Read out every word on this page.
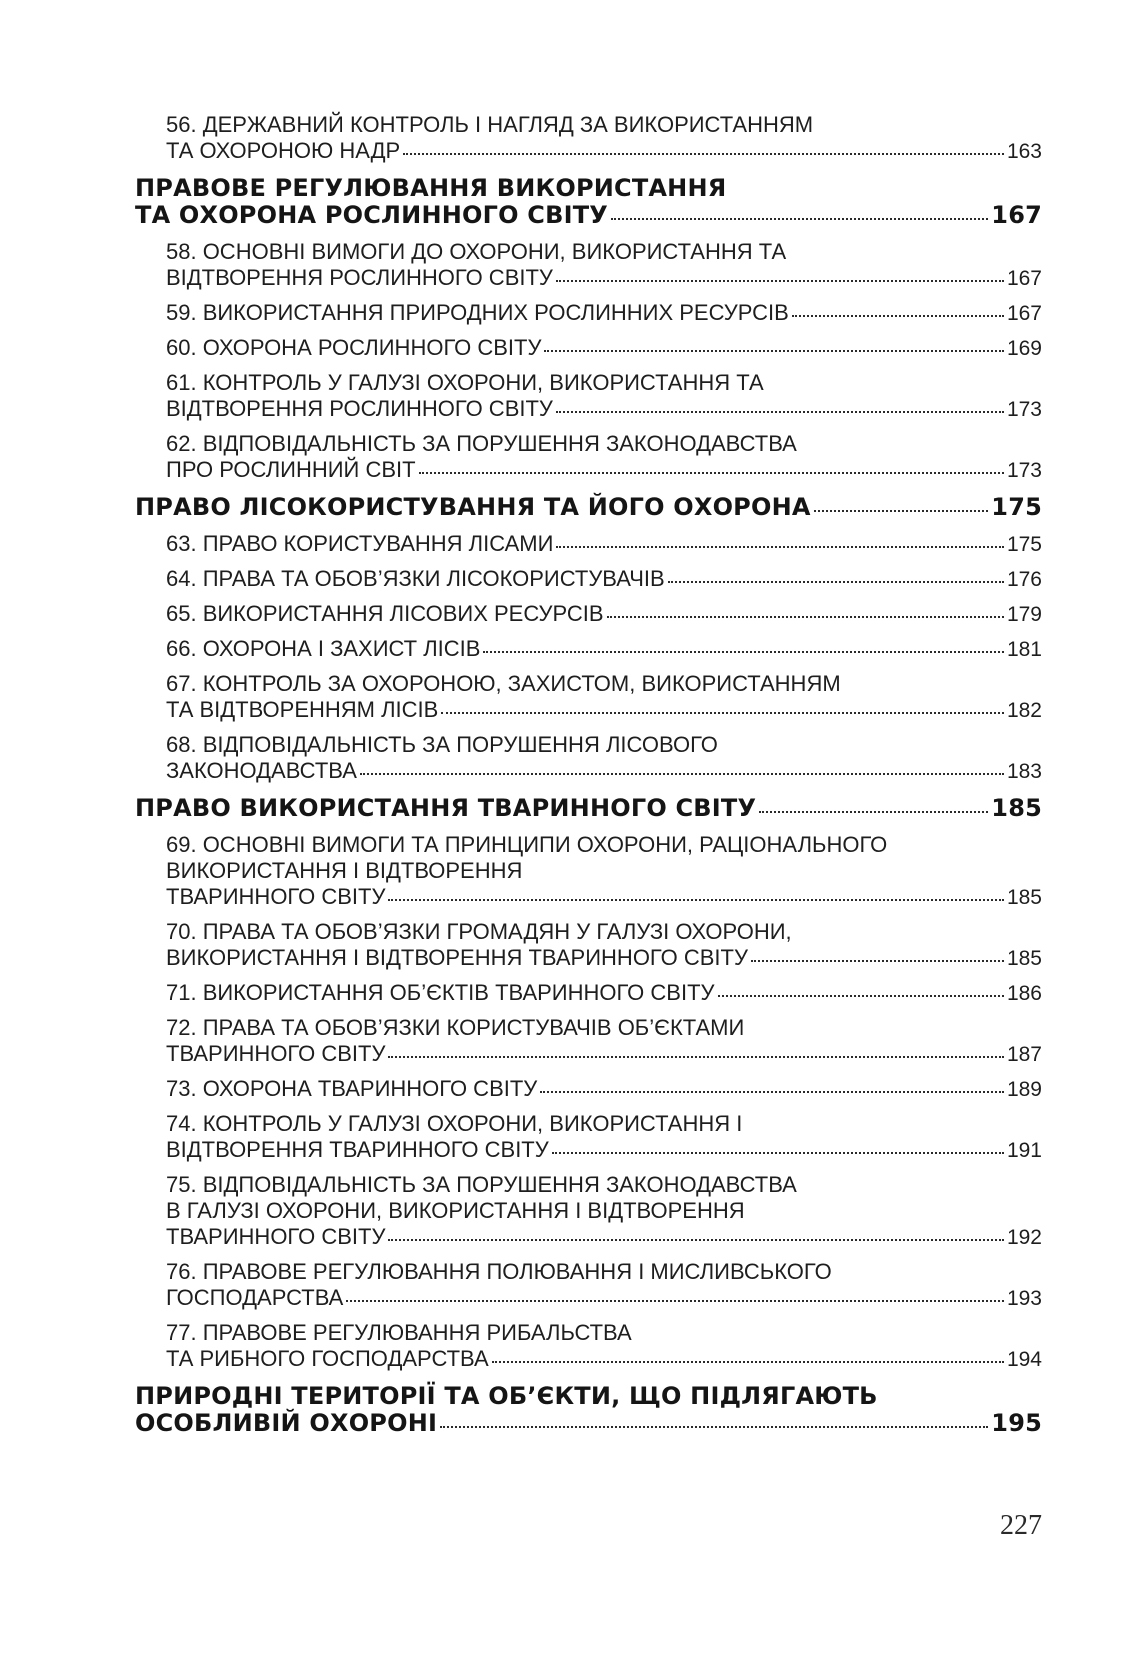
56. ДЕРЖАВНИЙ КОНТРОЛЬ І НАГЛЯД ЗА ВИКОРИСТАННЯМ
ТА ОХОРОНОЮ НАДР	163
ПРАВОВЕ РЕГУЛЮВАННЯ ВИКОРИСТАННЯ
ТА ОХОРОНА РОСЛИННОГО СВІТУ	167
58. ОСНОВНІ ВИМОГИ ДО ОХОРОНИ, ВИКОРИСТАННЯ ТА
ВІДТВОРЕННЯ РОСЛИННОГО СВІТУ	167
59. ВИКОРИСТАННЯ ПРИРОДНИХ РОСЛИННИХ РЕСУРСІВ	167
60. ОХОРОНА РОСЛИННОГО СВІТУ	169
61. КОНТРОЛЬ У ГАЛУЗІ ОХОРОНИ, ВИКОРИСТАННЯ ТА
ВІДТВОРЕННЯ РОСЛИННОГО СВІТУ	173
62. ВІДПОВІДАЛЬНІСТЬ ЗА ПОРУШЕННЯ ЗАКОНОДАВСТВА
ПРО РОСЛИННИЙ СВІТ	173
ПРАВО ЛІСОКОРИСТУВАННЯ ТА ЙОГО ОХОРОНА	175
63. ПРАВО КОРИСТУВАННЯ ЛІСАМИ	175
64. ПРАВА ТА ОБОВ’ЯЗКИ ЛІСОКОРИСТУВАЧІВ	176
65. ВИКОРИСТАННЯ ЛІСОВИХ РЕСУРСІВ	179
66. ОХОРОНА І ЗАХИСТ ЛІСІВ	181
67. КОНТРОЛЬ ЗА ОХОРОНОЮ, ЗАХИСТОМ, ВИКОРИСТАННЯМ
ТА ВІДТВОРЕННЯМ ЛІСІВ	182
68. ВІДПОВІДАЛЬНІСТЬ ЗА ПОРУШЕННЯ ЛІСОВОГО
ЗАКОНОДАВСТВА	183
ПРАВО ВИКОРИСТАННЯ ТВАРИННОГО СВІТУ	185
69. ОСНОВНІ ВИМОГИ ТА ПРИНЦИПИ ОХОРОНИ, РАЦІОНАЛЬНОГО
ВИКОРИСТАННЯ І ВІДТВОРЕННЯ
ТВАРИННОГО СВІТУ	185
70. ПРАВА ТА ОБОВ’ЯЗКИ ГРОМАДЯН У ГАЛУЗІ ОХОРОНИ,
ВИКОРИСТАННЯ І ВІДТВОРЕННЯ ТВАРИННОГО СВІТУ	185
71. ВИКОРИСТАННЯ ОБ’ЄКТІВ ТВАРИННОГО СВІТУ	186
72. ПРАВА ТА ОБОВ’ЯЗКИ КОРИСТУВАЧІВ ОБ’ЄКТАМИ
ТВАРИННОГО СВІТУ	187
73. ОХОРОНА ТВАРИННОГО СВІТУ	189
74. КОНТРОЛЬ У ГАЛУЗІ ОХОРОНИ, ВИКОРИСТАННЯ І
ВІДТВОРЕННЯ ТВАРИННОГО СВІТУ	191
75. ВІДПОВІДАЛЬНІСТЬ ЗА ПОРУШЕННЯ ЗАКОНОДАВСТВА
В ГАЛУЗІ ОХОРОНИ, ВИКОРИСТАННЯ І ВІДТВОРЕННЯ
ТВАРИННОГО СВІТУ	192
76. ПРАВОВЕ РЕГУЛЮВАННЯ ПОЛЮВАННЯ І МИСЛИВСЬКОГО
ГОСПОДАРСТВА	193
77. ПРАВОВЕ РЕГУЛЮВАННЯ РИБАЛЬСТВА
ТА РИБНОГО ГОСПОДАРСТВА	194
ПРИРОДНІ ТЕРИТОРІЇ ТА ОБ’ЄКТИ, ЩО ПІДЛЯГАЮТЬ
ОСОБЛИВІЙ ОХОРОНІ	195
227
